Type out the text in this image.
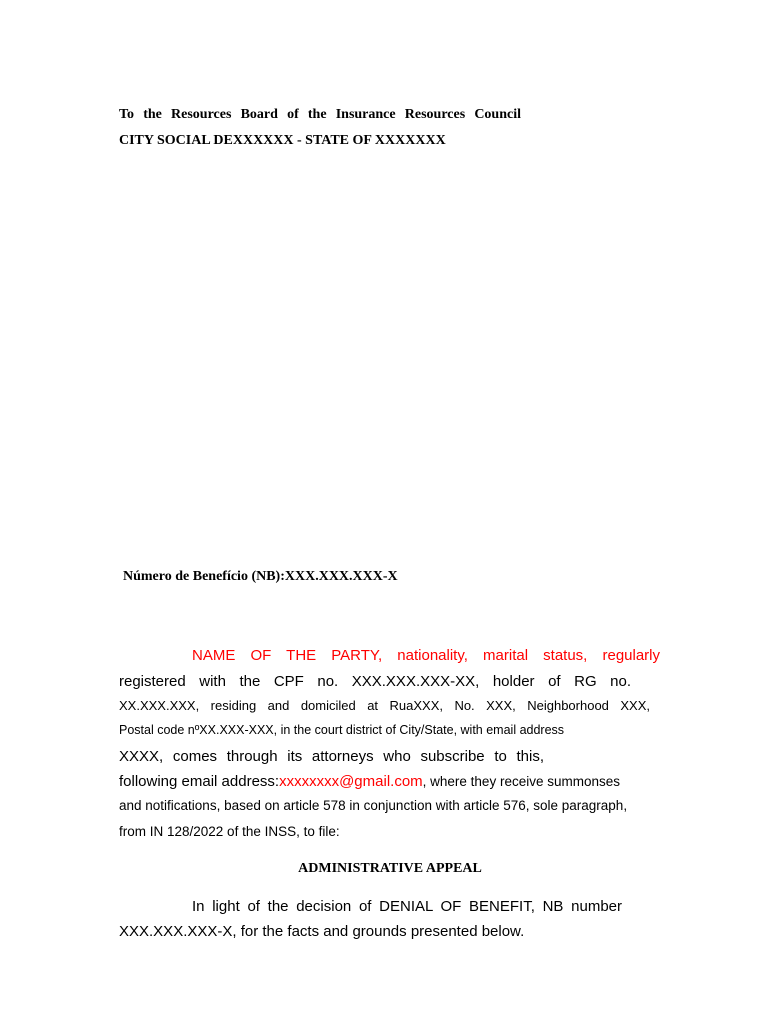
To the Resources Board of the Insurance Resources Council
CITY SOCIAL DEXXXXXX - STATE OF XXXXXXX
Número de Benefício (NB):XXX.XXX.XXX-X
NAME OF THE PARTY, nationality, marital status, regularly
registered with the CPF no. XXX.XXX.XXX-XX, holder of RG no.
XX.XXX.XXX, residing and domiciled at RuaXXX, No. XXX, Neighborhood XXX,
Postal code nºXX.XXX-XXX, in the court district of City/State, with email address
XXXX, comes through its attorneys who subscribe to this,
following email address:xxxxxxxx@gmail.com, where they receive summonses
and notifications, based on article 578 in conjunction with article 576, sole paragraph,
from IN 128/2022 of the INSS, to file:
ADMINISTRATIVE APPEAL
In light of the decision of DENIAL OF BENEFIT, NB number
XXX.XXX.XXX-X, for the facts and grounds presented below.
